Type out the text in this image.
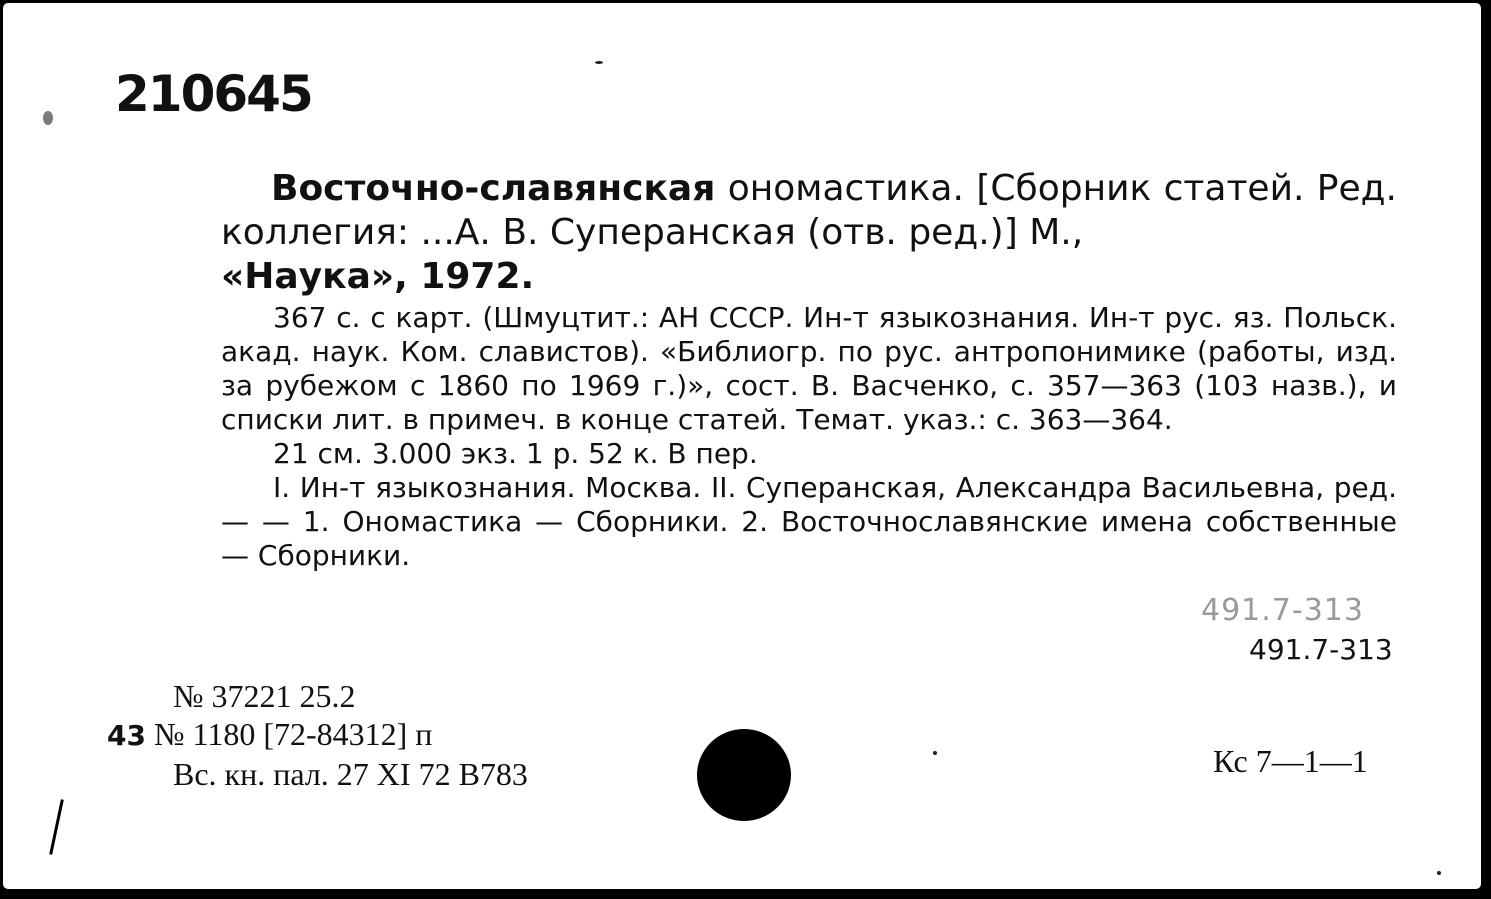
210645
Восточно-славянская ономастика. [Сборник статей. Ред. коллегия: ...А. В. Суперанская (отв. ред.)] М.,
«Наука», 1972.

367 с. с карт. (Шмуцтит.: АН СССР. Ин-т языкознания. Ин-т рус. яз. Польск. акад. наук. Ком. славистов). «Библиогр. по рус. антропонимике (работы, изд. за рубежом с 1860 по 1969 г.)», сост. В. Васченко, с. 357—363 (103 назв.), и списки лит. в примеч. в конце статей. Темат. указ.: с. 363—364.

21 см. 3.000 экз. 1 р. 52 к. В пер.

I. Ин-т языкознания. Москва. II. Суперанская, Александра Васильевна, ред. — — 1. Ономастика — Сборники. 2. Восточнославянские имена собственные — Сборники.

491.7-313
491.7-313
№ 37221 25.2
43 № 1180 [72-84312] п
Вс. кн. пал. 27 XI 72 В783	Кс 7—1—1
